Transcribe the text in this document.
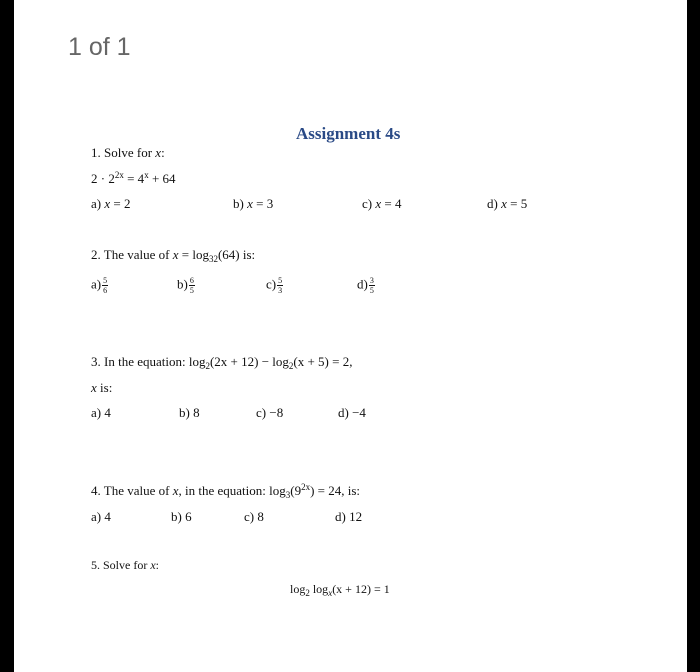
1 of 1
Assignment 4s
1. Solve for x:
$2 \cdot 2^{2x} = 4^x + 64$
a) x = 2	b) x = 3	c) x = 4	d) x = 5
2. The value of $x = \log_{32}(64)$ is:
$a) \frac{5}{6}$	$b) \frac{6}{5}$	$c) \frac{5}{3}$	$d) \frac{3}{5}$
3. In the equation: $\log_2(2x + 12) - \log_2(x + 5) = 2$,
x is:
a) 4	b) 8	c) −8	d) −4
4. The value of x, in the equation: $\log_3(9^{2x}) = 24$, is:
a) 4	b) 6	c) 8	d) 12
5. Solve for x:
$\log_2 \log_x(x + 12) = 1$
